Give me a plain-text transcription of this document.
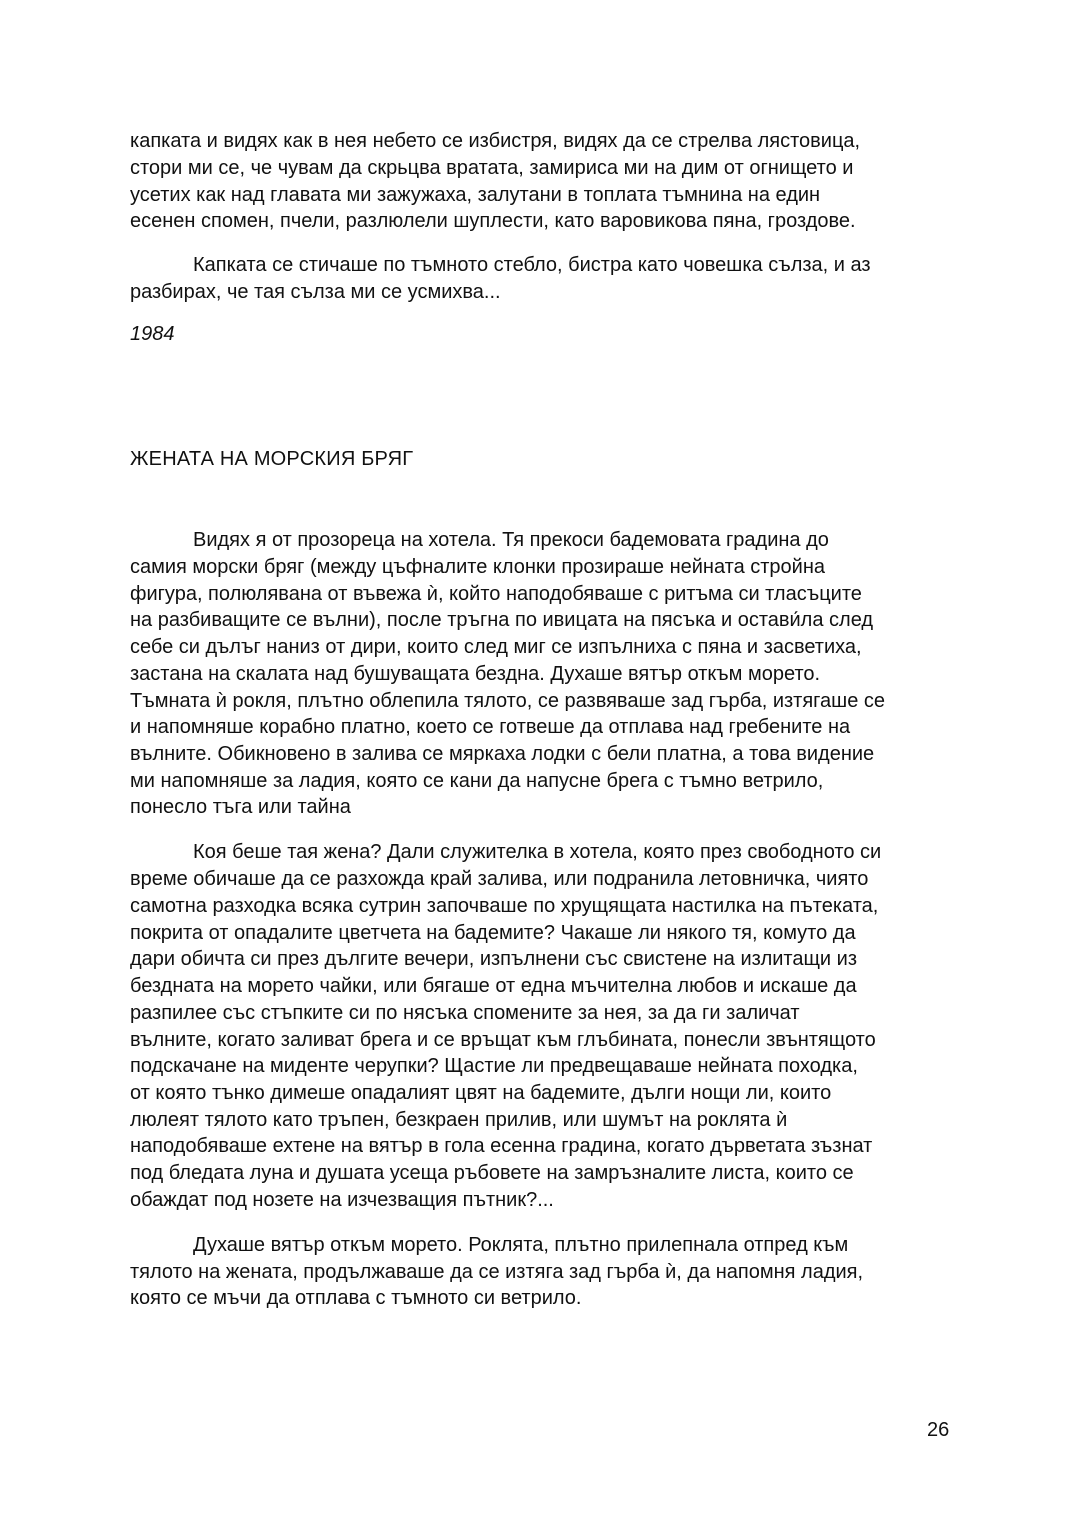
капката и видях как в нея небето се избистря, видях да се стрелва лястовица,
стори ми се, че чувам да скрьцва вратата, замириса ми на дим от огнището и
усетих как над главата ми зажужаха, залутани в топлата тъмнина на един
есенен спомен, пчели, разлюлели шуплести, като варовикова пяна, гроздове.
Капката се стичаше по тъмното стебло, бистра като човешка сълза, и аз
разбирах, че тая сълза ми се усмихва...
1984
ЖЕНАТА НА МОРСКИЯ БРЯГ
Видях я от прозореца на хотела. Тя прекоси бадемовата градина до
самия морски бряг (между цъфналите клонки прозираше нейната стройна
фигура, полюлявана от въвежа ѝ, който наподобяваше с ритъма си тласъците
на разбиващите се вълни), после тръгна по ивицата на пясъка и остави́ла след
себе си дълъг наниз от дири, които след миг се изпълниха с пяна и засветиха,
застана на скалата над бушуващата бездна. Духаше вятър откъм морето.
Тъмната ѝ рокля, плътно облепила тялото, се развяваше зад гърба, изтягаше се
и напомняше корабно платно, което се готвеше да отплава над гребените на
вълните. Обикновено в залива се мяркаха лодки с бели платна, а това видение
ми напомняше за ладия, която се кани да напусне брега с тъмно ветрило,
понесло тъга или тайна
Коя беше тая жена? Дали служителка в хотела, която през свободното си
време обичаше да се разхожда край залива, или подранила летовничка, чиято
самотна разходка всяка сутрин започваше по хрущящата настилка на пътеката,
покрита от опадалите цветчета на бадемите? Чакаше ли някого тя, комуто да
дари обичта си през дългите вечери, изпълнени със свистене на излитащи из
бездната на морето чайки, или бягаше от една мъчителна любов и искаше да
разпилее със стъпките си по нясъка спомените за нея, за да ги заличат
вълните, когато заливат брега и се връщат към глъбината, понесли звънтящото
подскачане на миденте черупки? Щастие ли предвещаваше нейната походка,
от която тънко димеше опадалият цвят на бадемите, дълги нощи ли, които
люлеят тялото като тръпен, безкраен прилив, или шумът на роклята ѝ
наподобяваше ехтене на вятър в гола есенна градина, когато дърветата зъзнат
под бледата луна и душата усеща ръбовете на замръзналите листа, които се
обаждат под нозете на изчезващия пътник?...
Духаше вятър откъм морето. Роклята, плътно прилепнала отпред към
тялото на жената, продължаваше да се изтяга зад гърба ѝ, да напомня ладия,
която се мъчи да отплава с тъмното си ветрило.
26
